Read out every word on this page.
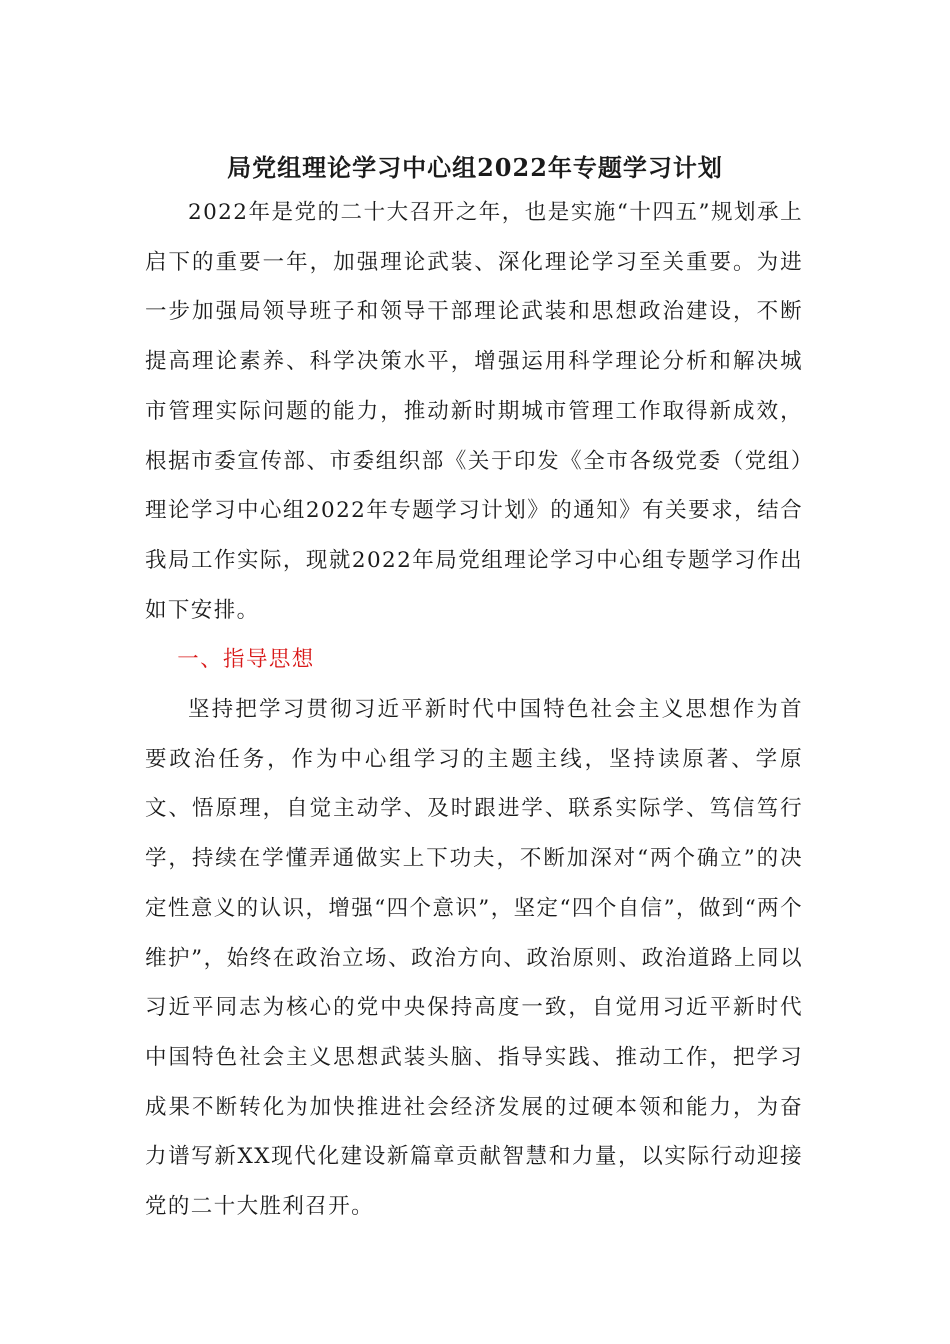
局党组理论学习中心组2022年专题学习计划

2022年是党的二十大召开之年，也是实施“十四五”规划承上启下的重要一年，加强理论武装、深化理论学习至关重要。为进一步加强局领导班子和领导干部理论武装和思想政治建设，不断提高理论素养、科学决策水平，增强运用科学理论分析和解决城市管理实际问题的能力，推动新时期城市管理工作取得新成效，根据市委宣传部、市委组织部《关于印发《全市各级党委（党组）理论学习中心组2022年专题学习计划》的通知》有关要求，结合我局工作实际，现就2022年局党组理论学习中心组专题学习作出如下安排。

一、指导思想

坚持把学习贯彻习近平新时代中国特色社会主义思想作为首要政治任务，作为中心组学习的主题主线，坚持读原著、学原文、悟原理，自觉主动学、及时跟进学、联系实际学、笃信笃行学，持续在学懂弄通做实上下功夫，不断加深对“两个确立”的决定性意义的认识，增强“四个意识”，坚定“四个自信”，做到“两个维护”，始终在政治立场、政治方向、政治原则、政治道路上同以习近平同志为核心的党中央保持高度一致，自觉用习近平新时代中国特色社会主义思想武装头脑、指导实践、推动工作，把学习成果不断转化为加快推进社会经济发展的过硬本领和能力，为奋力谱写新XX现代化建设新篇章贡献智慧和力量，以实际行动迎接党的二十大胜利召开。
